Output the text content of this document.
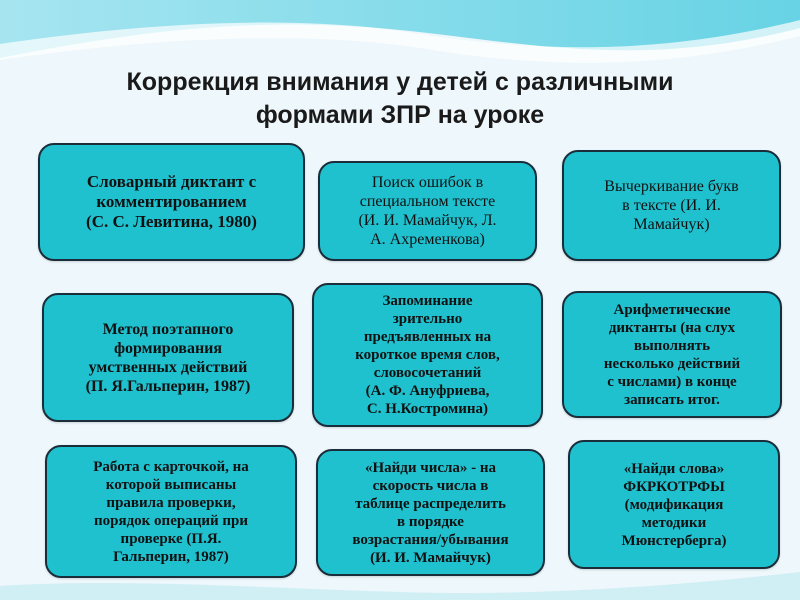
Коррекция внимания у детей с различными
формами ЗПР на уроке
Словарный диктант с
комментированием
(С. С. Левитина, 1980)
Поиск ошибок в
специальном тексте
(И. И. Мамайчук, Л.
А. Ахременкова)
Вычеркивание букв
в тексте (И. И.
Мамайчук)
Метод поэтапного
формирования
умственных действий
(П. Я.Гальперин, 1987)
Запоминание
зрительно
предъявленных на
короткое время слов,
словосочетаний
(А. Ф. Ануфриева,
С. Н.Костромина)
Арифметические
диктанты (на слух
выполнять
несколько действий
с числами) в конце
записать итог.
Работа с карточкой, на
которой выписаны
правила проверки,
порядок операций при
проверке (П.Я.
Гальперин, 1987)
«Найди числа» - на
скорость числа в
таблице распределить
в порядке
возрастания/убывания
(И. И. Мамайчук)
«Найди слова»
ФКРКОТРФЫ
(модификация
методики
Мюнстерберга)
